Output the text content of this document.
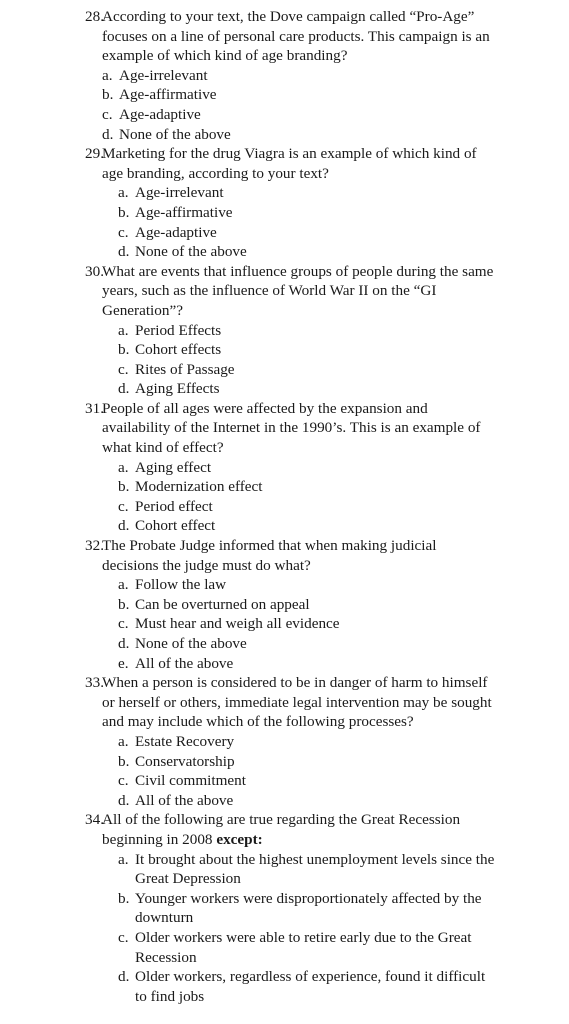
28.
According to your text, the Dove campaign called “Pro-Age” focuses on a line of personal care products. This campaign is an example of which kind of age branding?
a. Age-irrelevant
b. Age-affirmative
c. Age-adaptive
d. None of the above
29.
Marketing for the drug Viagra is an example of which kind of age branding, according to your text?
a. Age-irrelevant
b. Age-affirmative
c. Age-adaptive
d. None of the above
30.
What are events that influence groups of people during the same years, such as the influence of World War II on the “GI Generation”?
a. Period Effects
b. Cohort effects
c. Rites of Passage
d. Aging Effects
31.
People of all ages were affected by the expansion and availability of the Internet in the 1990’s. This is an example of what kind of effect?
a. Aging effect
b. Modernization effect
c. Period effect
d. Cohort effect
32.
The Probate Judge informed that when making judicial decisions the judge must do what?
a. Follow the law
b. Can be overturned on appeal
c. Must hear and weigh all evidence
d. None of the above
e. All of the above
33.
When a person is considered to be in danger of harm to himself or herself or others, immediate legal intervention may be sought and may include which of the following processes?
a. Estate Recovery
b. Conservatorship
c. Civil commitment
d. All of the above
34.
All of the following are true regarding the Great Recession beginning in 2008 except:
a. It brought about the highest unemployment levels since the Great Depression
b. Younger workers were disproportionately affected by the downturn
c. Older workers were able to retire early due to the Great Recession
d. Older workers, regardless of experience, found it difficult to find jobs
